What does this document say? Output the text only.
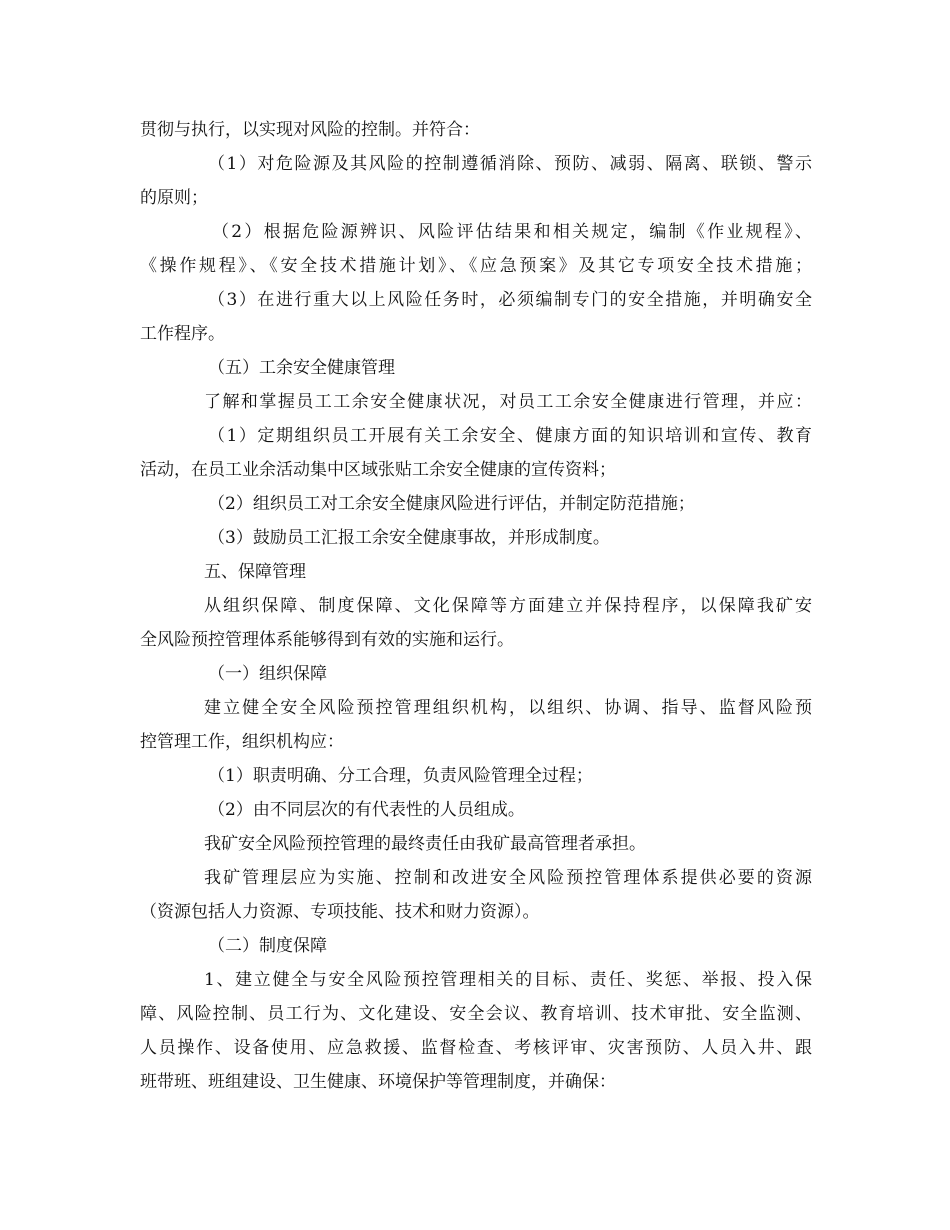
贯彻与执行，以实现对风险的控制。并符合：
（1）对危险源及其风险的控制遵循消除、预防、减弱、隔离、联锁、警示
的原则；
（2）根据危险源辨识、风险评估结果和相关规定，编制《作业规程》、
《操作规程》、《安全技术措施计划》、《应急预案》及其它专项安全技术措施；
（3）在进行重大以上风险任务时，必须编制专门的安全措施，并明确安全
工作程序。
（五）工余安全健康管理
了解和掌握员工工余安全健康状况，对员工工余安全健康进行管理，并应：
（1）定期组织员工开展有关工余安全、健康方面的知识培训和宣传、教育
活动，在员工业余活动集中区域张贴工余安全健康的宣传资料；
（2）组织员工对工余安全健康风险进行评估，并制定防范措施；
（3）鼓励员工汇报工余安全健康事故，并形成制度。
五、保障管理
从组织保障、制度保障、文化保障等方面建立并保持程序，以保障我矿安
全风险预控管理体系能够得到有效的实施和运行。
（一）组织保障
建立健全安全风险预控管理组织机构，以组织、协调、指导、监督风险预
控管理工作，组织机构应：
（1）职责明确、分工合理，负责风险管理全过程；
（2）由不同层次的有代表性的人员组成。
我矿安全风险预控管理的最终责任由我矿最高管理者承担。
我矿管理层应为实施、控制和改进安全风险预控管理体系提供必要的资源
（资源包括人力资源、专项技能、技术和财力资源）。
（二）制度保障
1、建立健全与安全风险预控管理相关的目标、责任、奖惩、举报、投入保
障、风险控制、员工行为、文化建设、安全会议、教育培训、技术审批、安全监测、
人员操作、设备使用、应急救援、监督检查、考核评审、灾害预防、人员入井、跟
班带班、班组建设、卫生健康、环境保护等管理制度，并确保：
